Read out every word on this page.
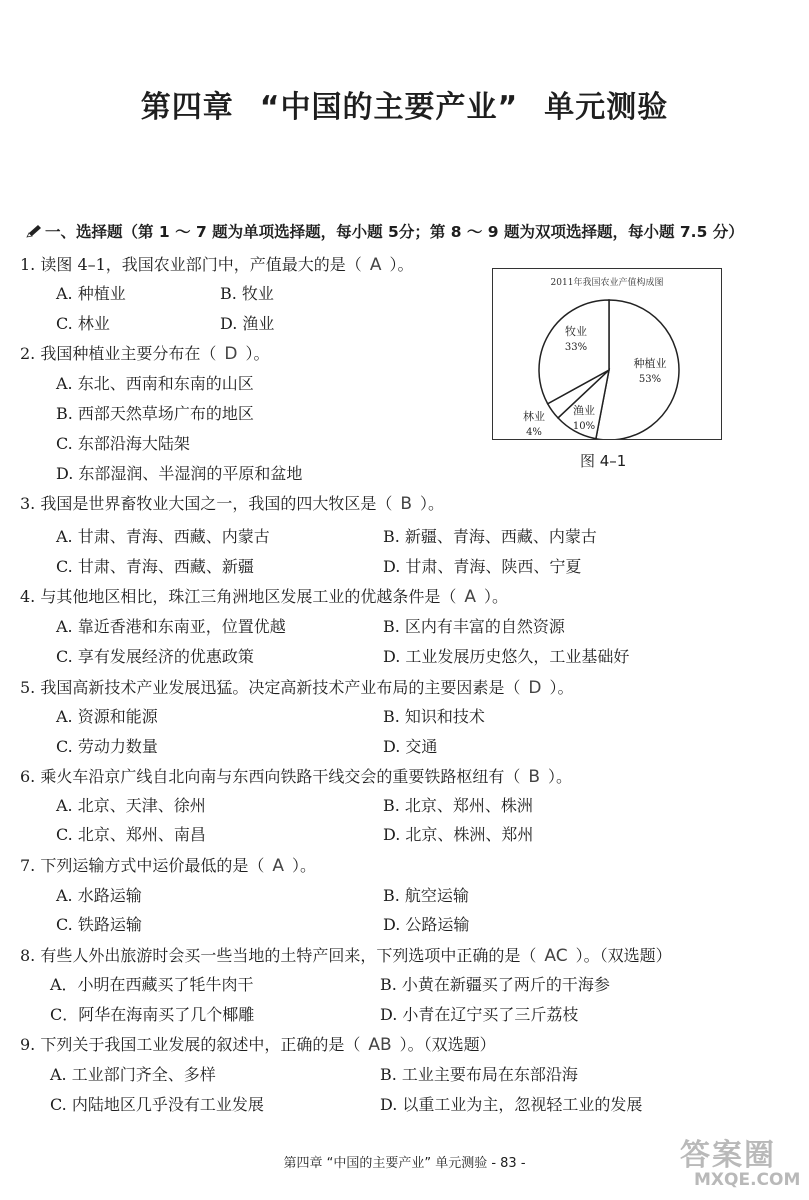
第四章 “中国的主要产业” 单元测验
一、选择题（第 1 ～ 7 题为单项选择题，每小题 5分；第 8 ～ 9 题为双项选择题，每小题 7.5 分）
1. 读图 4–1，我国农业部门中，产值最大的是（ A ）。
A. 种植业	B. 牧业
C. 林业	D. 渔业
2. 我国种植业主要分布在（ D ）。
A. 东北、西南和东南的山区
B. 西部天然草场广布的地区
C. 东部沿海大陆架
D. 东部湿润、半湿润的平原和盆地
2011年我国农业产值构成图
种植业
53%
渔业
10%
林业
4%
牧业
33%
图 4–1
3. 我国是世界畜牧业大国之一，我国的四大牧区是（ B ）。
A. 甘肃、青海、西藏、内蒙古	B. 新疆、青海、西藏、内蒙古
C. 甘肃、青海、西藏、新疆	D. 甘肃、青海、陕西、宁夏
4. 与其他地区相比，珠江三角洲地区发展工业的优越条件是（ A ）。
A. 靠近香港和东南亚，位置优越	B. 区内有丰富的自然资源
C. 享有发展经济的优惠政策	D. 工业发展历史悠久，工业基础好
5. 我国高新技术产业发展迅猛。决定高新技术产业布局的主要因素是（ D ）。
A. 资源和能源	B. 知识和技术
C. 劳动力数量	D. 交通
6. 乘火车沿京广线自北向南与东西向铁路干线交会的重要铁路枢纽有（ B ）。
A. 北京、天津、徐州	B. 北京、郑州、株洲
C. 北京、郑州、南昌	D. 北京、株洲、郑州
7. 下列运输方式中运价最低的是（ A ）。
A. 水路运输	B. 航空运输
C. 铁路运输	D. 公路运输
8. 有些人外出旅游时会买一些当地的土特产回来，下列选项中正确的是（ AC ）。（双选题）
A．小明在西藏买了牦牛肉干	B. 小黄在新疆买了两斤的干海参
C．阿华在海南买了几个椰雕	D. 小青在辽宁买了三斤荔枝
9. 下列关于我国工业发展的叙述中，正确的是（ AB ）。（双选题）
A. 工业部门齐全、多样	B. 工业主要布局在东部沿海
C. 内陆地区几乎没有工业发展	D. 以重工业为主，忽视轻工业的发展
第四章 “中国的主要产业” 单元测验 - 83 -	答案圈
MXQE.COM
